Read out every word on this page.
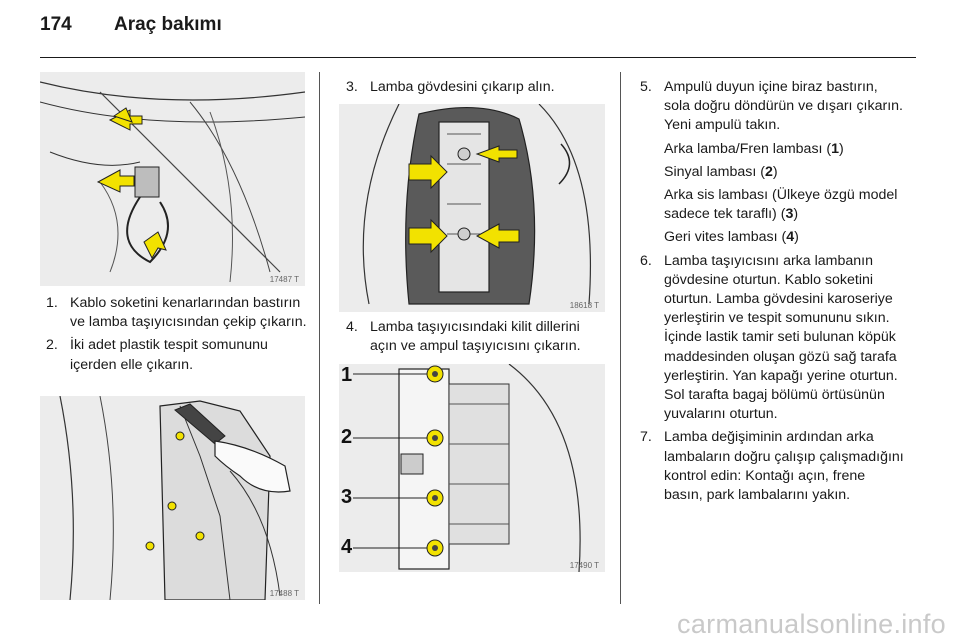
174 Araç bakımı
17487 T
1. Kablo soketini kenarlarından bastırın ve lamba taşıyıcısından çekip çıkarın.
2. İki adet plastik tespit somununu içerden elle çıkarın.
17488 T
3. Lamba gövdesini çıkarıp alın.
18618 T
4. Lamba taşıyıcısındaki kilit dillerini açın ve ampul taşıyıcısını çıkarın.
1
2
3
4
17490 T
5. Ampulü duyun içine biraz bastırın, sola doğru döndürün ve dışarı çıkarın. Yeni ampulü takın.
Arka lamba/Fren lambası (1)
Sinyal lambası (2)
Arka sis lambası (Ülkeye özgü model sadece tek taraflı) (3)
Geri vites lambası (4)
6. Lamba taşıyıcısını arka lambanın gövdesine oturtun. Kablo soketini oturtun. Lamba gövdesini karoseriye yerleştirin ve tespit somununu sıkın. İçinde lastik tamir seti bulunan köpük maddesinden oluşan gözü sağ tarafa yerleştirin. Yan kapağı yerine oturtun. Sol tarafta bagaj bölümü örtüsünün yuvalarını oturtun.
7. Lamba değişiminin ardından arka lambaların doğru çalışıp çalışmadığını kontrol edin: Kontağı açın, frene basın, park lambalarını yakın.
carmanualsonline.info
